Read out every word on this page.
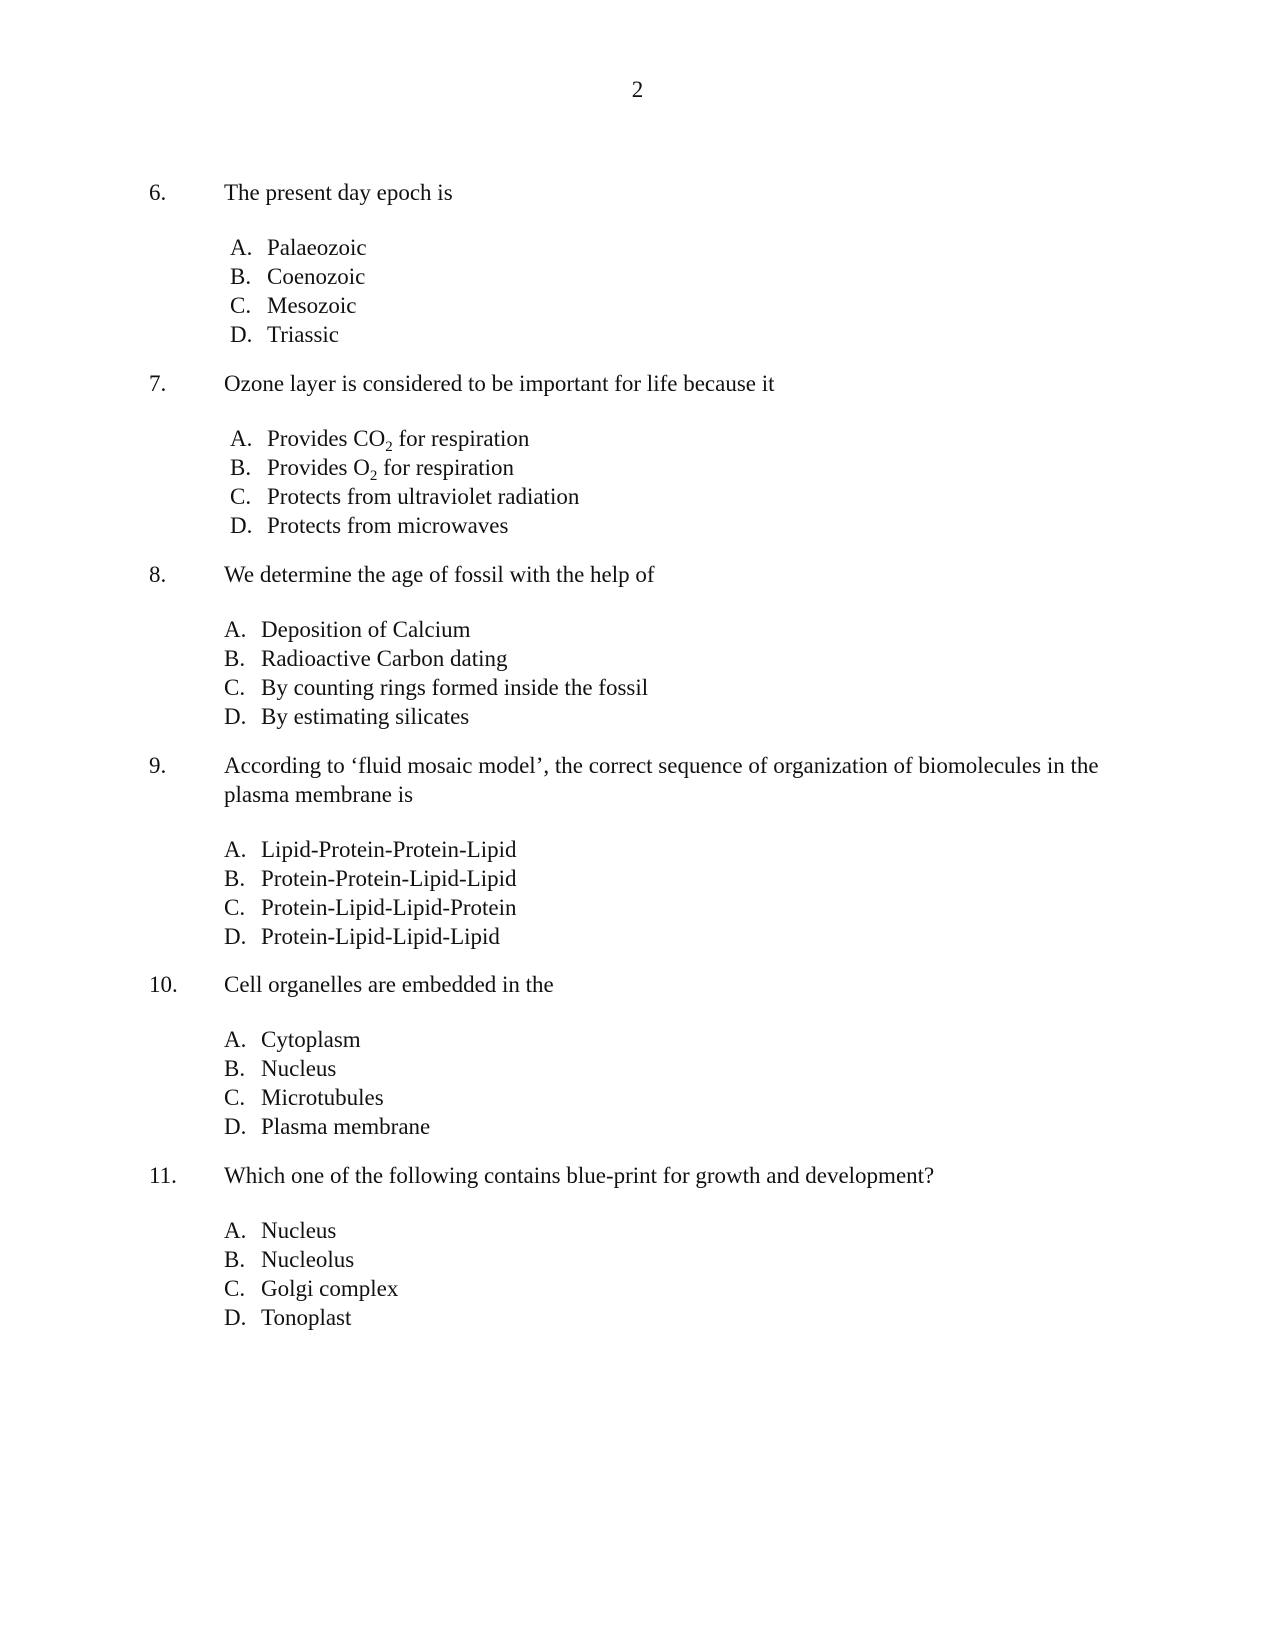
2
6.	The present day epoch is
A. Palaeozoic
B. Coenozoic
C. Mesozoic
D. Triassic
7.	Ozone layer is considered to be important for life because it
A. Provides $CO_2$ for respiration
B. Provides $O_2$ for respiration
C. Protects from ultraviolet radiation
D. Protects from microwaves
8.	We determine the age of fossil with the help of
A. Deposition of Calcium
B. Radioactive Carbon dating
C. By counting rings formed inside the fossil
D. By estimating silicates
9.	According to ‘fluid mosaic model’, the correct sequence of organization of biomolecules in the plasma membrane is
A. Lipid-Protein-Protein-Lipid
B. Protein-Protein-Lipid-Lipid
C. Protein-Lipid-Lipid-Protein
D. Protein-Lipid-Lipid-Lipid
10. Cell organelles are embedded in the
A. Cytoplasm
B. Nucleus
C. Microtubules
D. Plasma membrane
11. Which one of the following contains blue-print for growth and development?
A. Nucleus
B. Nucleolus
C. Golgi complex
D. Tonoplast
